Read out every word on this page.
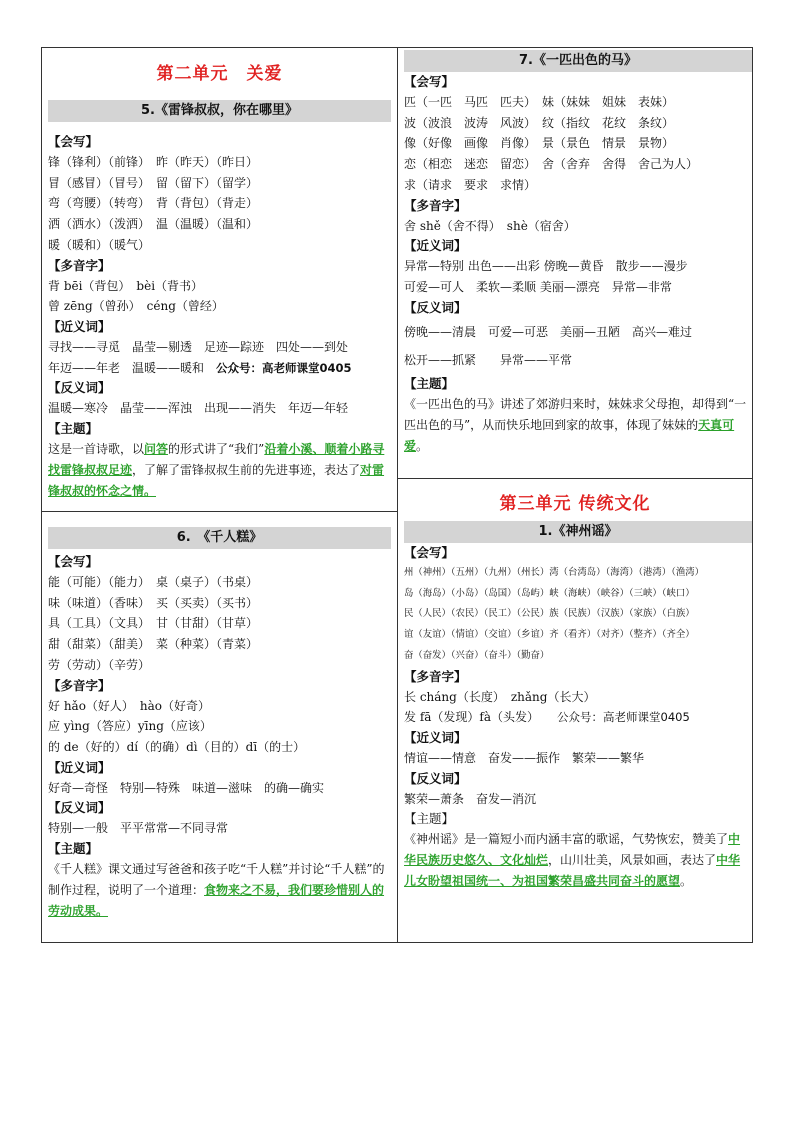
第二单元　关爱
5.《雷锋叔叔，你在哪里》
【会写】
锋（锋利）（前锋）　昨（昨天）（昨日）
冒（感冒）（冒号）　留（留下）（留学）
弯（弯腰）（转弯）　背（背包）（背走）
洒（洒水）（泼洒）　温（温暖）（温和）
暖（暖和）（暖气）
【多音字】
背 bēi（背包）　bèi（背书）
曾 zēng（曾孙）　céng（曾经）
【近义词】
寻找——寻觅　晶莹—剔透　足迹—踪迹　四处——到处
年迈——年老　温暖——暖和　公众号：高老师课堂0405
【反义词】
温暖—寒冷　晶莹——浑浊　出现——消失　年迈—年轻
【主题】
这是一首诗歌，以问答的形式讲了“我们”沿着小溪、顺着小路寻找雷锋叔叔足迹，了解了雷锋叔叔生前的先进事迹，表达了对雷锋叔叔的怀念之情。
6.　《千人糕》
【会写】
能（可能）（能力）　桌（桌子）（书桌）
味（味道）（香味）　买（买卖）（买书）
具（工具）（文具）　甘（甘甜）（甘草）
甜（甜菜）（甜美）　菜（种菜）（青菜）
劳（劳动）（辛劳）
【多音字】
好 hǎo（好人）　hào（好奇）
应 yìng（答应）yīng（应该）
的 de（好的）dí（的确）dì（目的）dī（的士）
【近义词】
好奇—奇怪　特别—特殊　味道—滋味　的确—确实
【反义词】
特别—一般　平平常常—不同寻常
【主题】
《千人糕》课文通过写爸爸和孩子吃“千人糕”并讨论“千人糕”的制作过程，说明了一个道理：食物来之不易，我们要珍惜别人的劳动成果。
7.《一匹出色的马》
【会写】
匹（一匹　马匹　匹夫）　妹（妹妹　姐妹　表妹）
波（波浪　波涛　风波）　纹（指纹　花纹　条纹）
像（好像　画像　肖像）　景（景色　情景　景物）
恋（相恋　迷恋　留恋）　舍（舍弃　舍得　舍己为人）
求（请求　要求　求情）
【多音字】
舍 shě（舍不得）　shè（宿舍）
【近义词】
异常—特别 出色——出彩 傍晚—黄昏　散步——漫步
可爱—可人　柔软—柔顺 美丽—漂亮　异常—非常
【反义词】
傍晚——清晨　可爱—可恶　美丽—丑陋　高兴—难过
松开——抓紧　　异常——平常
【主题】
《一匹出色的马》讲述了郊游归来时，妹妹求父母抱，却得到“一匹出色的马”，从而快乐地回到家的故事，体现了妹妹的天真可爱。
第三单元 传统文化
1.《神州谣》
【会写】
州（神州）（五州）（九州）（州长）湾（台湾岛）（海湾）（港湾）（渔湾）
岛（海岛）（小岛）（岛国）（岛屿）峡（海峡）（峡谷）（三峡）（峡口）
民（人民）（农民）（民工）（公民）族（民族）（汉族）（家族）（白族）
谊（友谊）（情谊）（交谊）（乡谊）齐（看齐）（对齐）（整齐）（齐全）
奋（奋发）（兴奋）（奋斗）（勤奋）
【多音字】
长 cháng（长度）　zhǎng（长大）
发 fā（发现）fà（头发）　　公众号：高老师课堂0405
【近义词】
情谊——情意　奋发——振作　繁荣——繁华
【反义词】
繁荣—萧条　奋发—消沉
【主题】
《神州谣》是一篇短小而内涵丰富的歌谣，气势恢宏，赞美了中华民族历史悠久、文化灿烂，山川壮美，风景如画，表达了中华儿女盼望祖国统一、为祖国繁荣昌盛共同奋斗的愿望。
